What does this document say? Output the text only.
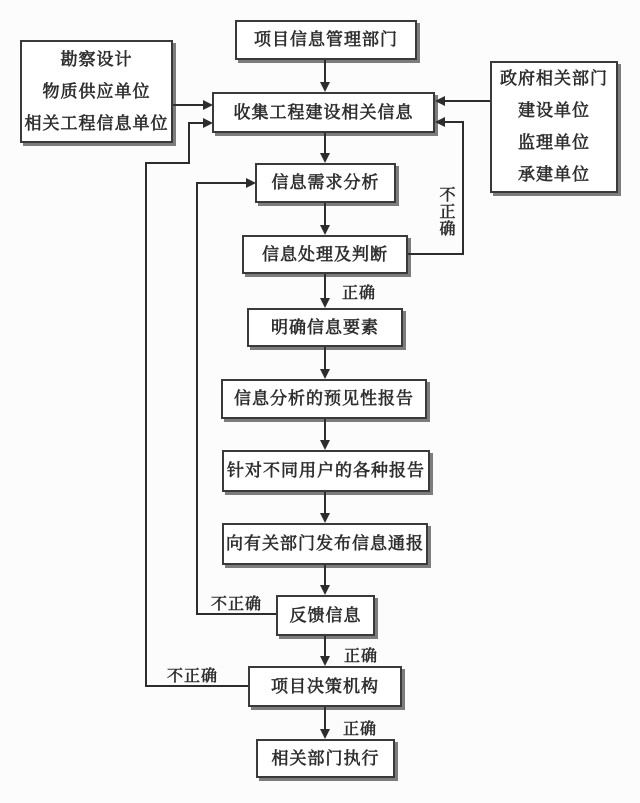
项目信息管理部门
勘察设计
物质供应单位
相关工程信息单位
政府相关部门
建设单位
监理单位
承建单位
收集工程建设相关信息
信息需求分析
信息处理及判断
明确信息要素
信息分析的预见性报告
针对不同用户的各种报告
向有关部门发布信息通报
反馈信息
项目决策机构
相关部门执行
正确
正确
正确
不正确
不正确
不正确
